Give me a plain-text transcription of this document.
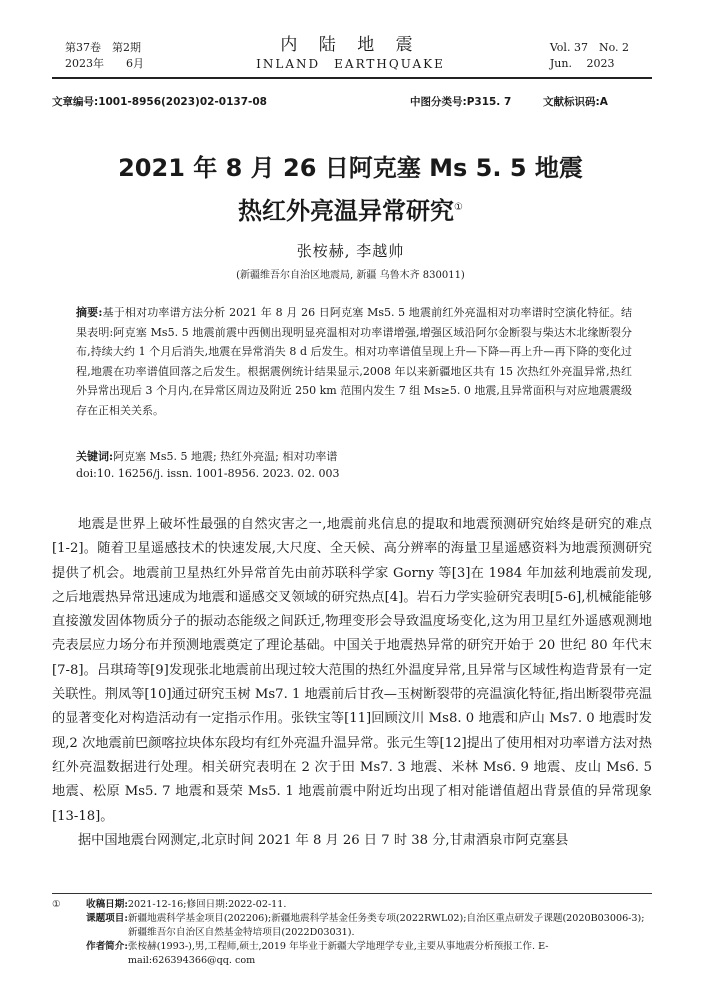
第37卷　第2期
2023年　　6月
内 陆 地 震
INLAND　EARTHQUAKE
Vol. 37　No. 2
Jun.　 2023
文章编号:1001-8956(2023)02-0137-08	中图分类号:P315. 7	文献标识码:A
2021 年 8 月 26 日阿克塞 Ms 5. 5 地震
热红外亮温异常研究①
张桉赫, 李越帅
(新疆维吾尔自治区地震局, 新疆 乌鲁木齐 830011)
摘要:基于相对功率谱方法分析 2021 年 8 月 26 日阿克塞 Ms5. 5 地震前红外亮温相对功率谱时空演化特征。结果表明:阿克塞 Ms5. 5 地震前震中西侧出现明显亮温相对功率谱增强,增强区域沿阿尔金断裂与柴达木北缘断裂分布,持续大约 1 个月后消失,地震在异常消失 8 d 后发生。相对功率谱值呈现上升—下降—再上升—再下降的变化过程,地震在功率谱值回落之后发生。根据震例统计结果显示,2008 年以来新疆地区共有 15 次热红外亮温异常,热红外异常出现后 3 个月内,在异常区周边及附近 250 km 范围内发生 7 组 Ms≥5. 0 地震,且异常面积与对应地震震级存在正相关关系。
关键词:阿克塞 Ms5. 5 地震; 热红外亮温; 相对功率谱
doi:10. 16256/j. issn. 1001-8956. 2023. 02. 003

地震是世界上破坏性最强的自然灾害之一,地震前兆信息的提取和地震预测研究始终是研究的难点[1-2]。随着卫星遥感技术的快速发展,大尺度、全天候、高分辨率的海量卫星遥感资料为地震预测研究提供了机会。地震前卫星热红外异常首先由前苏联科学家 Gorny 等[3]在 1984 年加兹利地震前发现,之后地震热异常迅速成为地震和遥感交叉领域的研究热点[4]。岩石力学实验研究表明[5-6],机械能能够直接激发固体物质分子的振动态能级之间跃迁,物理变形会导致温度场变化,这为用卫星红外遥感观测地壳表层应力场分布并预测地震奠定了理论基础。中国关于地震热异常的研究开始于 20 世纪 80 年代末[7-8]。吕琪琦等[9]发现张北地震前出现过较大范围的热红外温度异常,且异常与区域性构造背景有一定关联性。荆凤等[10]通过研究玉树 Ms7. 1 地震前后甘孜—玉树断裂带的亮温演化特征,指出断裂带亮温的显著变化对构造活动有一定指示作用。张铁宝等[11]回顾汶川 Ms8. 0 地震和庐山 Ms7. 0 地震时发现,2 次地震前巴颜喀拉块体东段均有红外亮温升温异常。张元生等[12]提出了使用相对功率谱方法对热红外亮温数据进行处理。相关研究表明在 2 次于田 Ms7. 3 地震、米林 Ms6. 9 地震、皮山 Ms6. 5 地震、松原 Ms5. 7 地震和聂荣 Ms5. 1 地震前震中附近均出现了相对能谱值超出背景值的异常现象[13-18]。

据中国地震台网测定,北京时间 2021 年 8 月 26 日 7 时 38 分,甘肃酒泉市阿克塞县

①	收稿日期: 2021-12-16;修回日期:2022-02-11.
课题项目: 新疆地震科学基金项目(202206);新疆地震科学基金任务类专项(2022RWL02);自治区重点研发子课题(2020B03006-3);新疆维吾尔自治区自然基金特培项目(2022D03031).
作者简介: 张桉赫(1993-),男,工程师,硕士,2019 年毕业于新疆大学地理学专业,主要从事地震分析预报工作. E-mail:626394366@qq. com
